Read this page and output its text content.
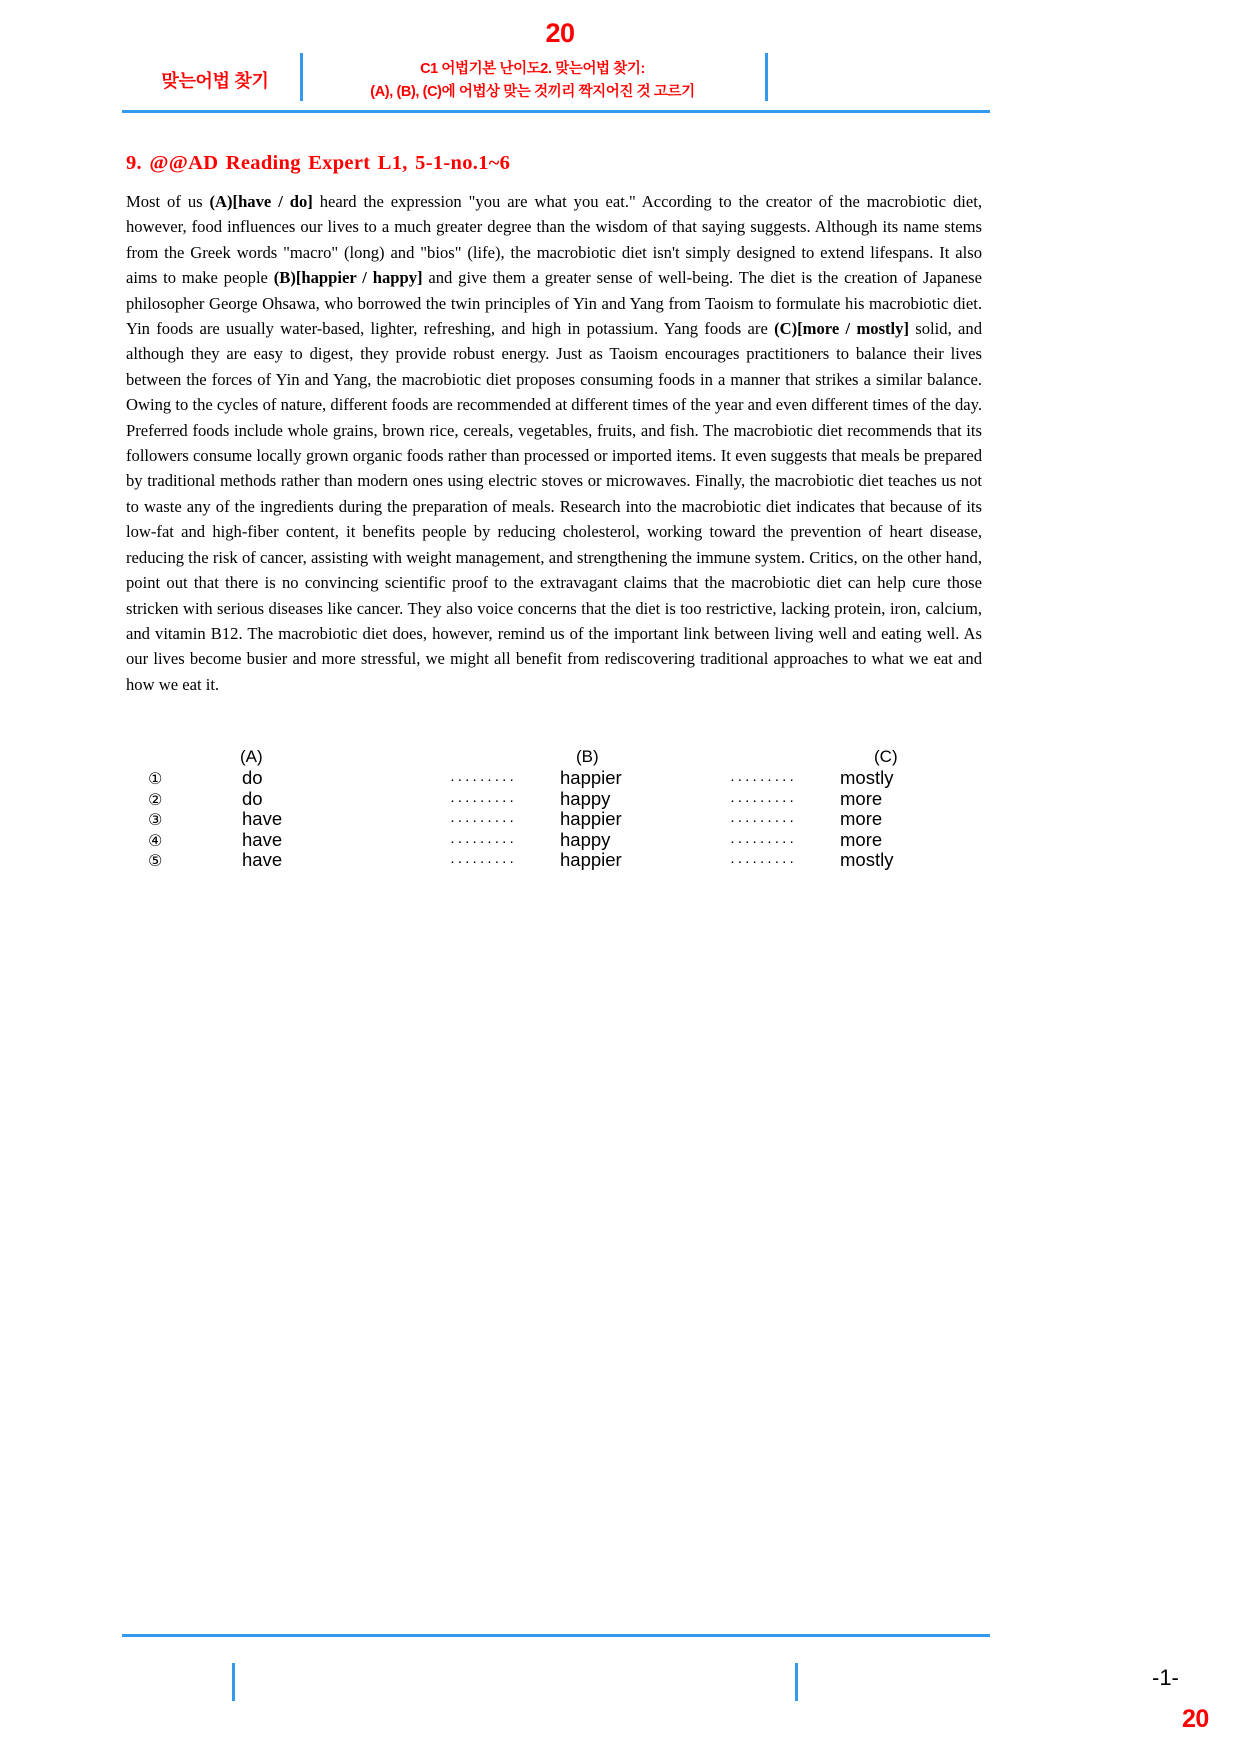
20
맞는어법 찾기
C1 어법기본 난이도2. 맞는어법 찾기:
(A), (B), (C)에 어법상 맞는 것끼리 짝지어진 것 고르기
9. @@AD Reading Expert L1, 5-1-no.1~6
Most of us (A)[have / do] heard the expression "you are what you eat." According to the creator of the macrobiotic diet, however, food influences our lives to a much greater degree than the wisdom of that saying suggests. Although its name stems from the Greek words "macro" (long) and "bios" (life), the macrobiotic diet isn't simply designed to extend lifespans. It also aims to make people (B)[happier / happy] and give them a greater sense of well-being. The diet is the creation of Japanese philosopher George Ohsawa, who borrowed the twin principles of Yin and Yang from Taoism to formulate his macrobiotic diet. Yin foods are usually water-based, lighter, refreshing, and high in potassium. Yang foods are (C)[more / mostly] solid, and although they are easy to digest, they provide robust energy. Just as Taoism encourages practitioners to balance their lives between the forces of Yin and Yang, the macrobiotic diet proposes consuming foods in a manner that strikes a similar balance. Owing to the cycles of nature, different foods are recommended at different times of the year and even different times of the day. Preferred foods include whole grains, brown rice, cereals, vegetables, fruits, and fish. The macrobiotic diet recommends that its followers consume locally grown organic foods rather than processed or imported items. It even suggests that meals be prepared by traditional methods rather than modern ones using electric stoves or microwaves. Finally, the macrobiotic diet teaches us not to waste any of the ingredients during the preparation of meals. Research into the macrobiotic diet indicates that because of its low-fat and high-fiber content, it benefits people by reducing cholesterol, working toward the prevention of heart disease, reducing the risk of cancer, assisting with weight management, and strengthening the immune system. Critics, on the other hand, point out that there is no convincing scientific proof to the extravagant claims that the macrobiotic diet can help cure those stricken with serious diseases like cancer. They also voice concerns that the diet is too restrictive, lacking protein, iron, calcium, and vitamin B12. The macrobiotic diet does, however, remind us of the important link between living well and eating well. As our lives become busier and more stressful, we might all benefit from rediscovering traditional approaches to what we eat and how we eat it.
(A)	(B)	(C)
①	do	·········	happier	·········	mostly
②	do	·········	happy	·········	more
③	have	·········	happier	·········	more
④	have	·········	happy	·········	more
⑤	have	·········	happier	·········	mostly
-1-
20
